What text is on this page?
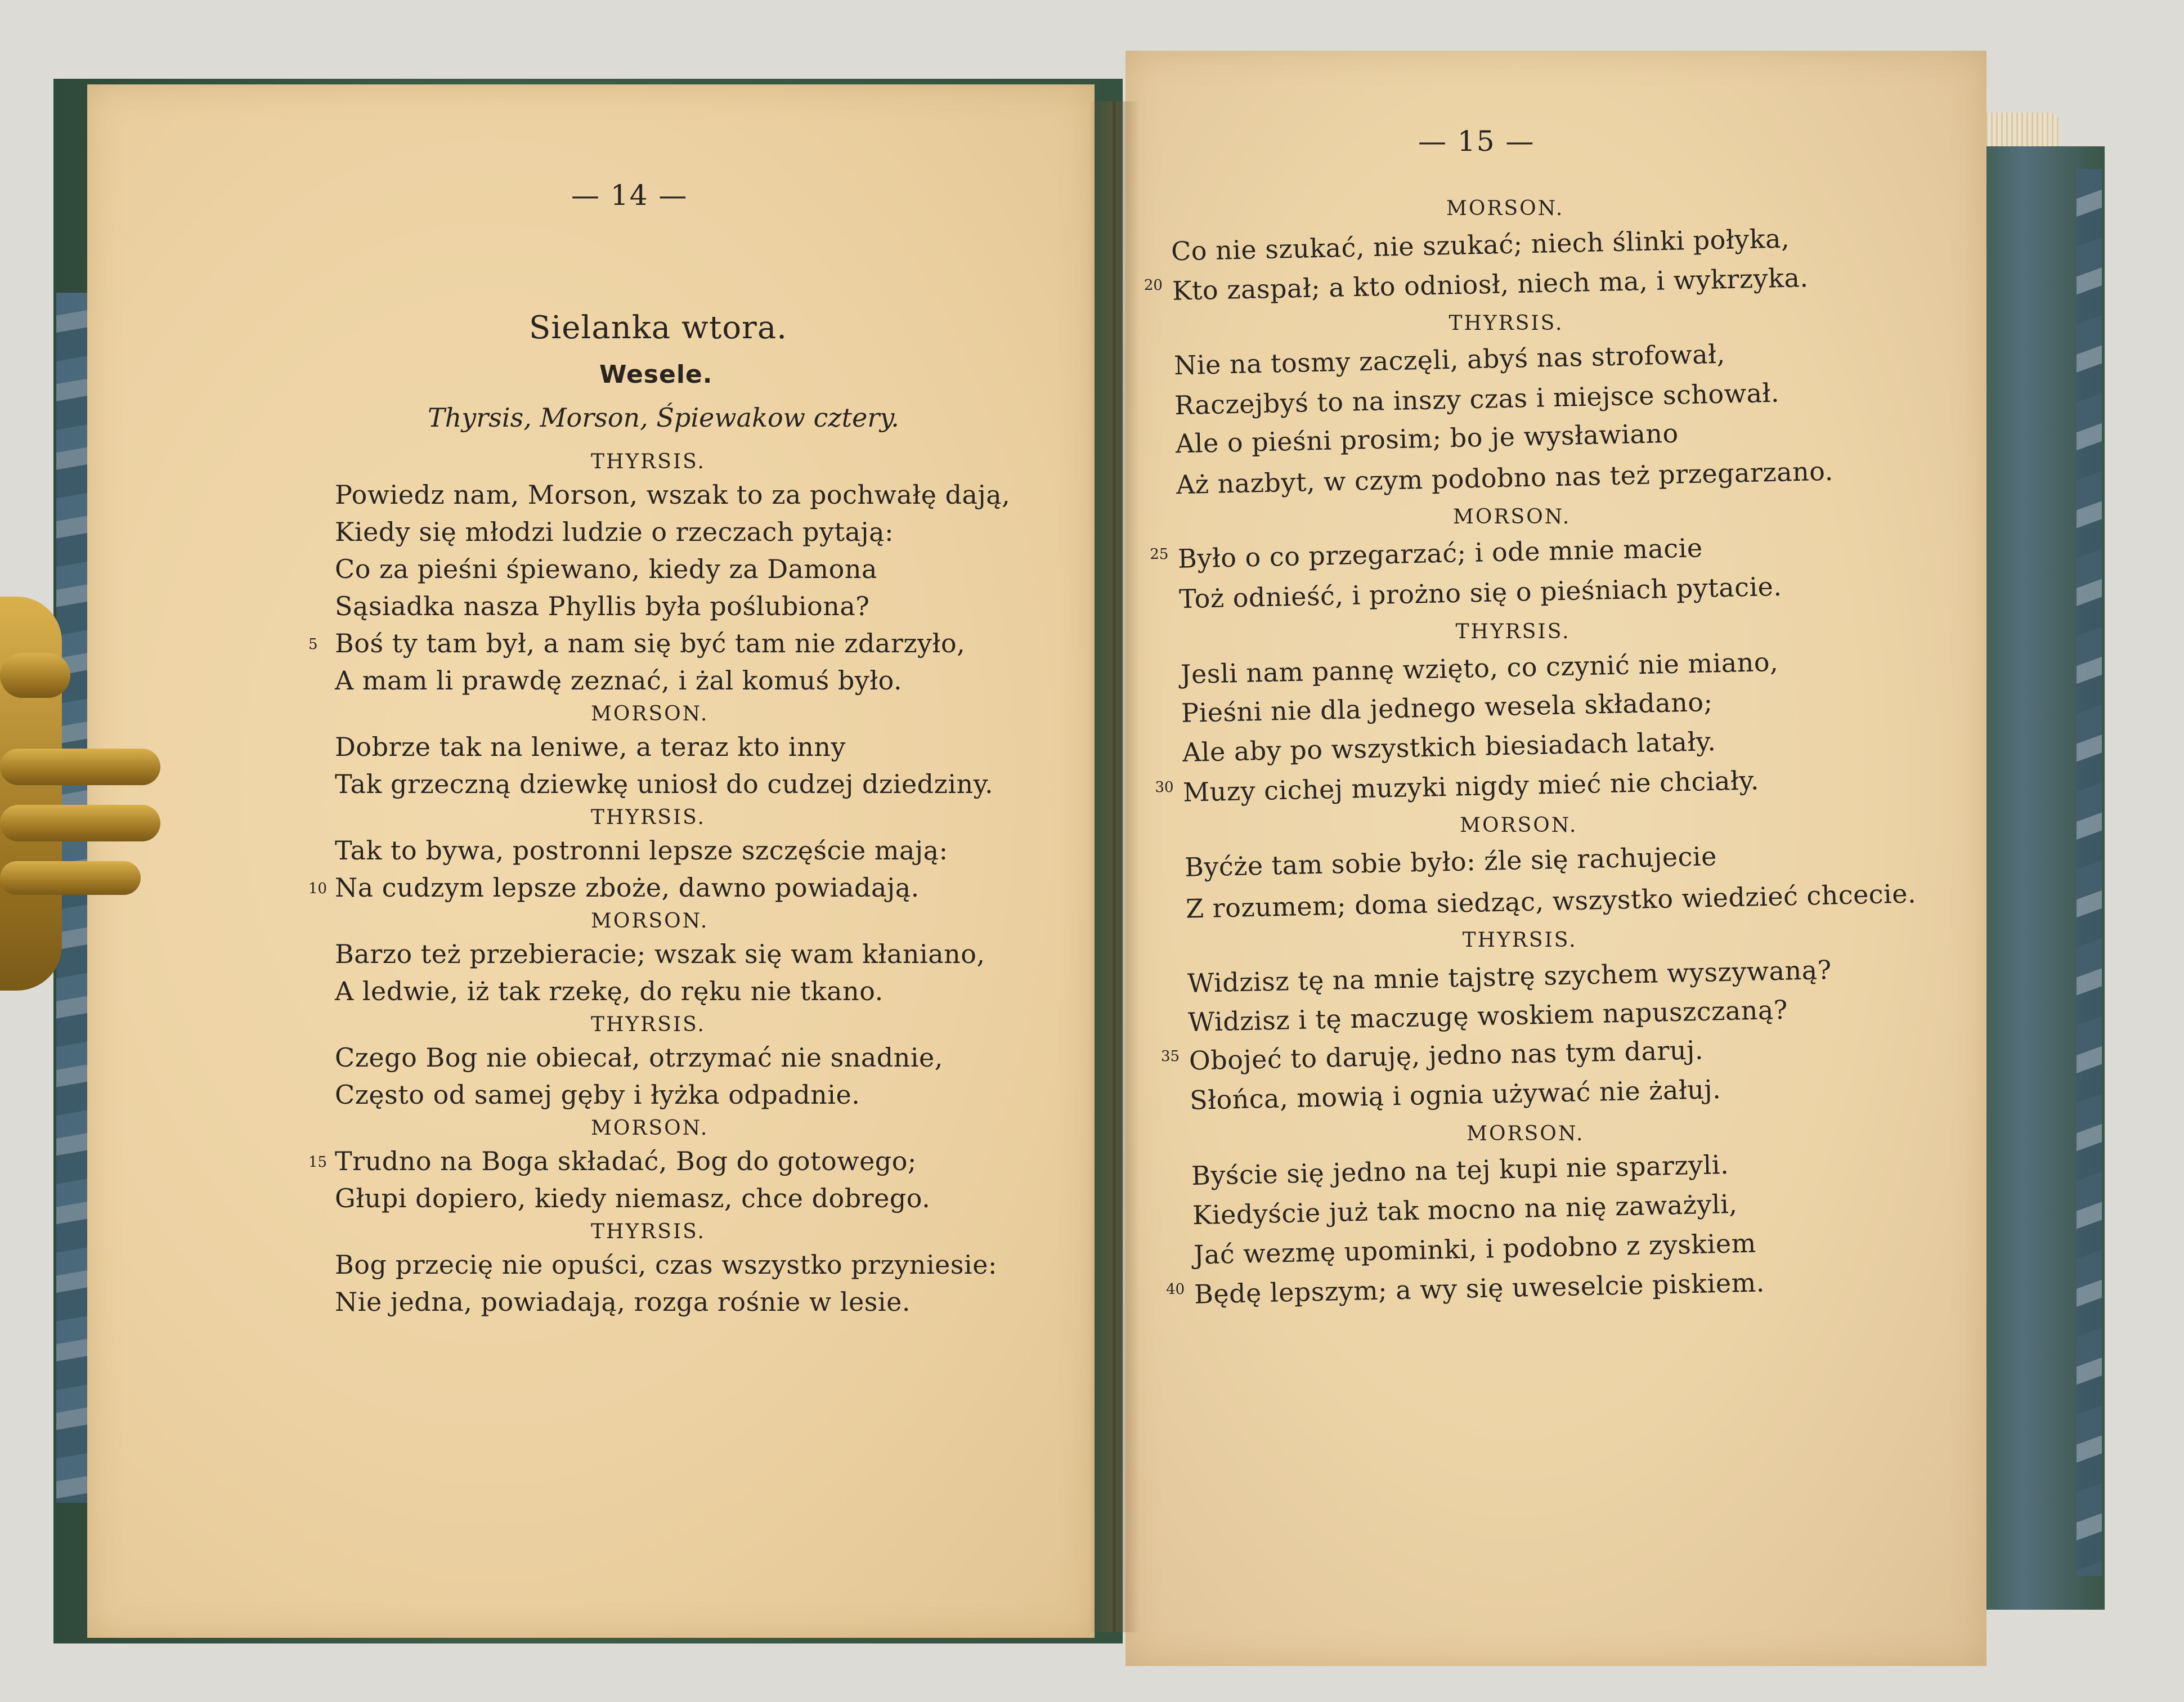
— 14 —
Sielanka wtora.
Wesele.
Thyrsis, Morson, Śpiewakow cztery.
THYRSIS.
Powiedz nam, Morson, wszak to za pochwałę dają,
Kiedy się młodzi ludzie o rzeczach pytają:
Co za pieśni śpiewano, kiedy za Damona
Sąsiadka nasza Phyllis była poślubiona?
5 Boś ty tam był, a nam się być tam nie zdarzyło,
A mam li prawdę zeznać, i żal komuś było.
MORSON.
Dobrze tak na leniwe, a teraz kto inny
Tak grzeczną dziewkę uniosł do cudzej dziedziny.
THYRSIS.
Tak to bywa, postronni lepsze szczęście mają:
10 Na cudzym lepsze zboże, dawno powiadają.
MORSON.
Barzo też przebieracie; wszak się wam kłaniano,
A ledwie, iż tak rzekę, do ręku nie tkano.
THYRSIS.
Czego Bog nie obiecał, otrzymać nie snadnie,
Często od samej gęby i łyżka odpadnie.
MORSON.
15 Trudno na Boga składać, Bog do gotowego;
Głupi dopiero, kiedy niemasz, chce dobrego.
THYRSIS.
Bog przecię nie opuści, czas wszystko przyniesie:
Nie jedna, powiadają, rozga rośnie w lesie.
— 15 —
MORSON.
Co nie szukać, nie szukać; niech ślinki połyka,
20 Kto zaspał; a kto odniosł, niech ma, i wykrzyka.
THYRSIS.
Nie na tosmy zaczęli, abyś nas strofował,
Raczejbyś to na inszy czas i miejsce schował.
Ale o pieśni prosim; bo je wysławiano
Aż nazbyt, w czym podobno nas też przegarzano.
MORSON.
25 Było o co przegarzać; i ode mnie macie
Toż odnieść, i prożno się o pieśniach pytacie.
THYRSIS.
Jesli nam pannę wzięto, co czynić nie miano,
Pieśni nie dla jednego wesela składano;
Ale aby po wszystkich biesiadach latały.
30 Muzy cichej muzyki nigdy mieć nie chciały.
MORSON.
Byćże tam sobie było: źle się rachujecie
Z rozumem; doma siedząc, wszystko wiedzieć chcecie.
THYRSIS.
Widzisz tę na mnie tajstrę szychem wyszywaną?
Widzisz i tę maczugę woskiem napuszczaną?
35 Obojeć to daruję, jedno nas tym daruj.
Słońca, mowią i ognia używać nie żałuj.
MORSON.
Byście się jedno na tej kupi nie sparzyli.
Kiedyście już tak mocno na nię zaważyli,
Jać wezmę upominki, i podobno z zyskiem
40 Będę lepszym; a wy się uweselcie piskiem.
